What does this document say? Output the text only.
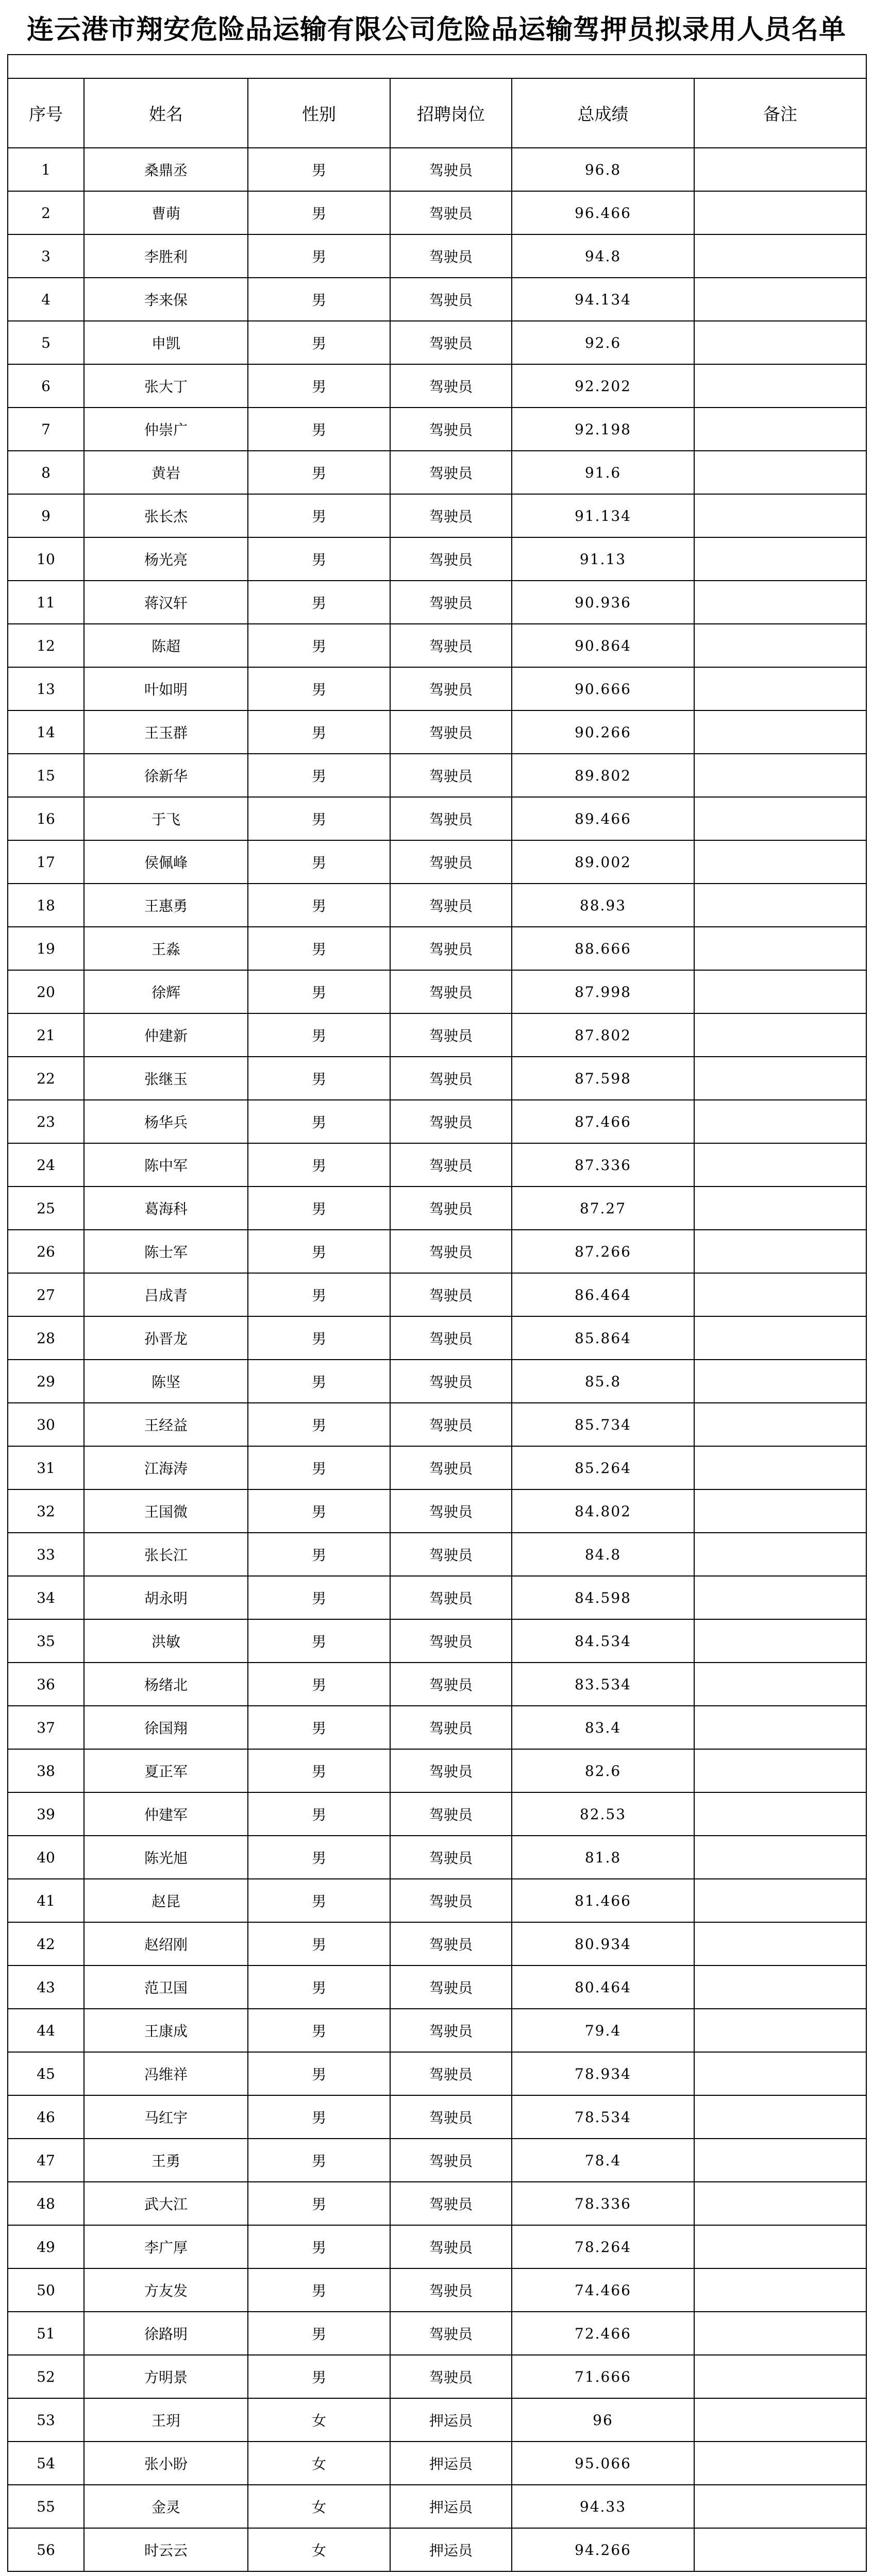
连云港市翔安危险品运输有限公司危险品运输驾押员拟录用人员名单

序号	姓名	性别	招聘岗位	总成绩	备注
1	桑鼎丞	男	驾驶员	96.8	
2	曹萌	男	驾驶员	96.466	
3	李胜利	男	驾驶员	94.8	
4	李来保	男	驾驶员	94.134	
5	申凯	男	驾驶员	92.6	
6	张大丁	男	驾驶员	92.202	
7	仲崇广	男	驾驶员	92.198	
8	黄岩	男	驾驶员	91.6	
9	张长杰	男	驾驶员	91.134	
10	杨光亮	男	驾驶员	91.13	
11	蒋汉轩	男	驾驶员	90.936	
12	陈超	男	驾驶员	90.864	
13	叶如明	男	驾驶员	90.666	
14	王玉群	男	驾驶员	90.266	
15	徐新华	男	驾驶员	89.802	
16	于飞	男	驾驶员	89.466	
17	侯佩峰	男	驾驶员	89.002	
18	王惠勇	男	驾驶员	88.93	
19	王淼	男	驾驶员	88.666	
20	徐辉	男	驾驶员	87.998	
21	仲建新	男	驾驶员	87.802	
22	张继玉	男	驾驶员	87.598	
23	杨华兵	男	驾驶员	87.466	
24	陈中军	男	驾驶员	87.336	
25	葛海科	男	驾驶员	87.27	
26	陈士军	男	驾驶员	87.266	
27	吕成青	男	驾驶员	86.464	
28	孙晋龙	男	驾驶员	85.864	
29	陈坚	男	驾驶员	85.8	
30	王经益	男	驾驶员	85.734	
31	江海涛	男	驾驶员	85.264	
32	王国微	男	驾驶员	84.802	
33	张长江	男	驾驶员	84.8	
34	胡永明	男	驾驶员	84.598	
35	洪敏	男	驾驶员	84.534	
36	杨绪北	男	驾驶员	83.534	
37	徐国翔	男	驾驶员	83.4	
38	夏正军	男	驾驶员	82.6	
39	仲建军	男	驾驶员	82.53	
40	陈光旭	男	驾驶员	81.8	
41	赵昆	男	驾驶员	81.466	
42	赵绍刚	男	驾驶员	80.934	
43	范卫国	男	驾驶员	80.464	
44	王康成	男	驾驶员	79.4	
45	冯维祥	男	驾驶员	78.934	
46	马红宇	男	驾驶员	78.534	
47	王勇	男	驾驶员	78.4	
48	武大江	男	驾驶员	78.336	
49	李广厚	男	驾驶员	78.264	
50	方友发	男	驾驶员	74.466	
51	徐路明	男	驾驶员	72.466	
52	方明景	男	驾驶员	71.666	
53	王玥	女	押运员	96	
54	张小盼	女	押运员	95.066	
55	金灵	女	押运员	94.33	
56	时云云	女	押运员	94.266	
